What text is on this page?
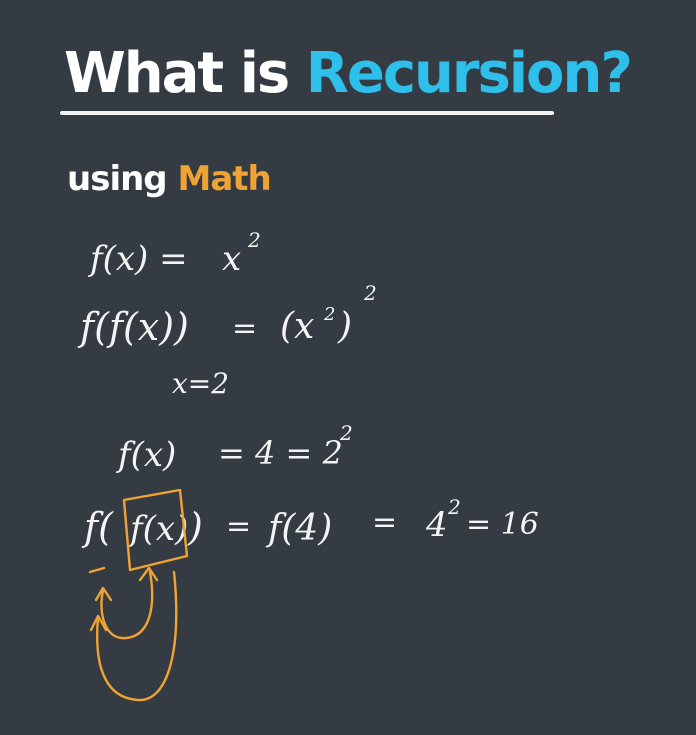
What is Recursion?
using Math
f(x) = x 2
f(f(x)) = (x 2 )
2
x=2
f(x) = 4 = 2
2
f( f(x) ) = f(4) = 4 2 = 16
